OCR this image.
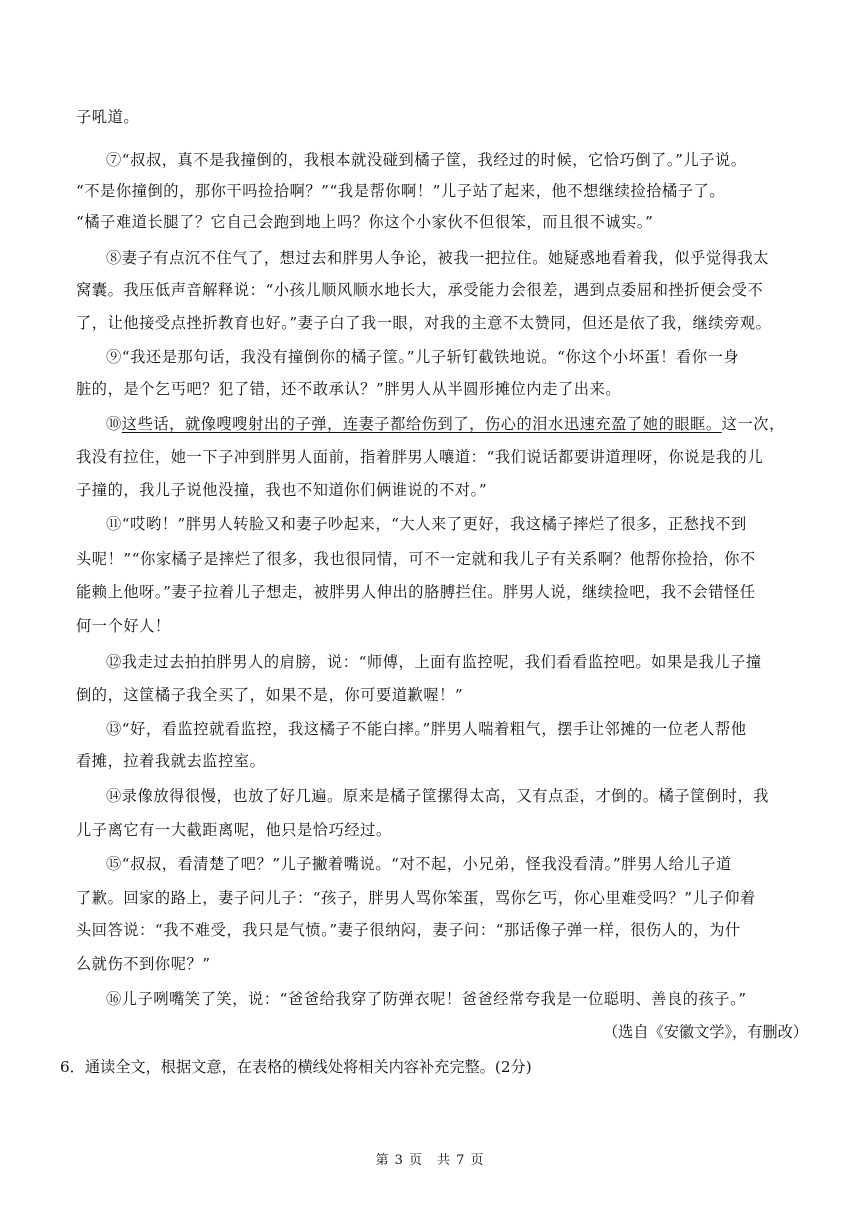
子吼道。
⑦“叔叔，真不是我撞倒的，我根本就没碰到橘子筐，我经过的时候，它恰巧倒了。”儿子说。
“不是你撞倒的，那你干吗捡拾啊？”“我是帮你啊！”儿子站了起来，他不想继续捡拾橘子了。
“橘子难道长腿了？它自己会跑到地上吗？你这个小家伙不但很笨，而且很不诚实。”
⑧妻子有点沉不住气了，想过去和胖男人争论，被我一把拉住。她疑惑地看着我，似乎觉得我太
窝囊。我压低声音解释说：“小孩儿顺风顺水地长大，承受能力会很差，遇到点委屈和挫折便会受不
了，让他接受点挫折教育也好。”妻子白了我一眼，对我的主意不太赞同，但还是依了我，继续旁观。
⑨“我还是那句话，我没有撞倒你的橘子筐。”儿子斩钉截铁地说。“你这个小坏蛋！看你一身
脏的，是个乞丐吧？犯了错，还不敢承认？”胖男人从半圆形摊位内走了出来。
⑩这些话，就像嗖嗖射出的子弹，连妻子都给伤到了，伤心的泪水迅速充盈了她的眼眶。这一次，
我没有拉住，她一下子冲到胖男人面前，指着胖男人嚷道：“我们说话都要讲道理呀，你说是我的儿
子撞的，我儿子说他没撞，我也不知道你们俩谁说的不对。”
⑪“哎哟！”胖男人转脸又和妻子吵起来，“大人来了更好，我这橘子摔烂了很多，正愁找不到
头呢！”“你家橘子是摔烂了很多，我也很同情，可不一定就和我儿子有关系啊？他帮你捡拾，你不
能赖上他呀。”妻子拉着儿子想走，被胖男人伸出的胳膊拦住。胖男人说，继续捡吧，我不会错怪任
何一个好人！
⑫我走过去拍拍胖男人的肩膀，说：“师傅，上面有监控呢，我们看看监控吧。如果是我儿子撞
倒的，这筐橘子我全买了，如果不是，你可要道歉喔！”
⑬“好，看监控就看监控，我这橘子不能白摔。”胖男人喘着粗气，摆手让邻摊的一位老人帮他
看摊，拉着我就去监控室。
⑭录像放得很慢，也放了好几遍。原来是橘子筐摞得太高，又有点歪，才倒的。橘子筐倒时，我
儿子离它有一大截距离呢，他只是恰巧经过。
⑮“叔叔，看清楚了吧？”儿子撇着嘴说。“对不起，小兄弟，怪我没看清。”胖男人给儿子道
了歉。回家的路上，妻子问儿子：“孩子，胖男人骂你笨蛋，骂你乞丐，你心里难受吗？”儿子仰着
头回答说：“我不难受，我只是气愤。”妻子很纳闷，妻子问：“那话像子弹一样，很伤人的，为什
么就伤不到你呢？”
⑯儿子咧嘴笑了笑，说：“爸爸给我穿了防弹衣呢！爸爸经常夸我是一位聪明、善良的孩子。”
（选自《安徽文学》，有删改）
6．通读全文，根据文意，在表格的横线处将相关内容补充完整。(2分)
第 3 页　共 7 页
